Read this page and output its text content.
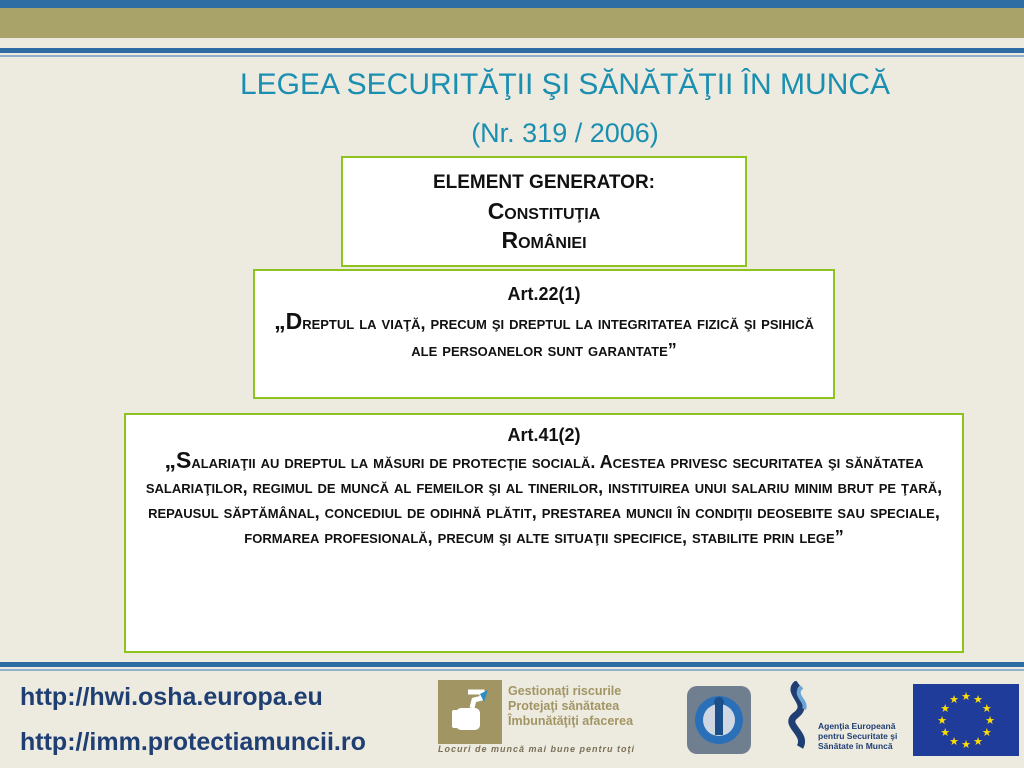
LEGEA SECURITĂŢII ŞI SĂNĂTĂŢII ÎN MUNCĂ
(Nr. 319 / 2006)
ELEMENT GENERATOR:
Constituţia
României
Art.22(1)
„Dreptul la viaţă, precum şi dreptul la integritatea fizică şi psihică ale persoanelor sunt garantate”
Art.41(2)
„Salariaţii au dreptul la măsuri de protecţie socială. Acestea privesc securitatea şi sănătatea salariaţilor, regimul de muncă al femeilor şi al tinerilor, instituirea unui salariu minim brut pe ţară, repausul săptămânal, concediul de odihnă plătit, prestarea muncii în condiţii deosebite sau speciale, formarea profesională, precum şi alte situaţii specifice, stabilite prin lege”
http://hwi.osha.europa.eu
http://imm.protectiamuncii.ro
Gestionaţi riscurile
Protejaţi sănătatea
Îmbunătăţiţi afacerea
Locuri de muncă mai bune pentru toţi
Agenţia Europeană
pentru Securitate şi
Sănătate în Muncă
★
★
★
★
★
★
★
★
★ ★ ★
★
